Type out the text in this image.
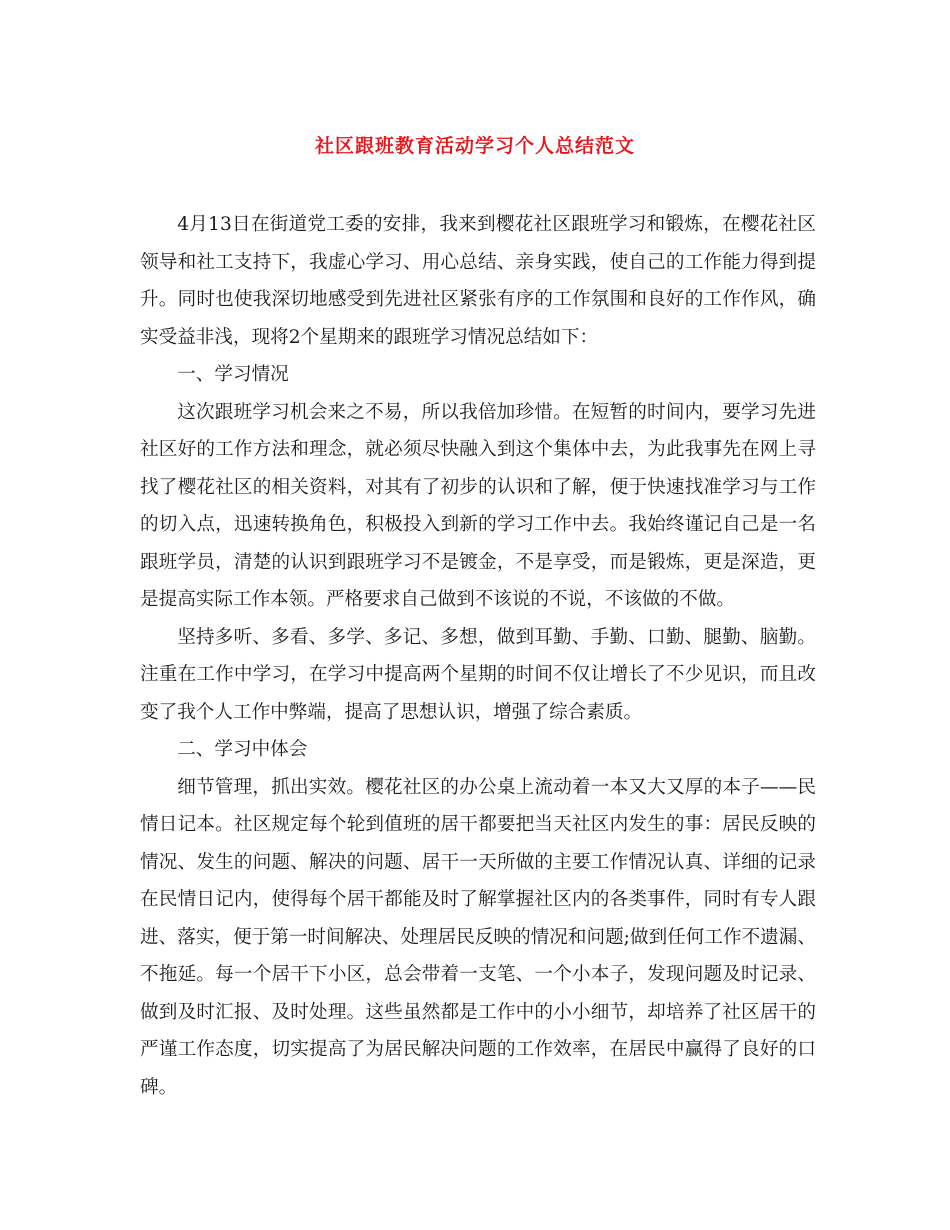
社区跟班教育活动学习个人总结范文

4月13日在街道党工委的安排，我来到樱花社区跟班学习和锻炼，在樱花社区领导和社工支持下，我虚心学习、用心总结、亲身实践，使自己的工作能力得到提升。同时也使我深切地感受到先进社区紧张有序的工作氛围和良好的工作作风，确实受益非浅，现将2个星期来的跟班学习情况总结如下：

一、学习情况

这次跟班学习机会来之不易，所以我倍加珍惜。在短暂的时间内，要学习先进社区好的工作方法和理念，就必须尽快融入到这个集体中去，为此我事先在网上寻找了樱花社区的相关资料，对其有了初步的认识和了解，便于快速找准学习与工作的切入点，迅速转换角色，积极投入到新的学习工作中去。我始终谨记自己是一名跟班学员，清楚的认识到跟班学习不是镀金，不是享受，而是锻炼，更是深造，更是提高实际工作本领。严格要求自己做到不该说的不说，不该做的不做。

坚持多听、多看、多学、多记、多想，做到耳勤、手勤、口勤、腿勤、脑勤。注重在工作中学习，在学习中提高两个星期的时间不仅让增长了不少见识，而且改变了我个人工作中弊端，提高了思想认识，增强了综合素质。

二、学习中体会

细节管理，抓出实效。樱花社区的办公桌上流动着一本又大又厚的本子——民情日记本。社区规定每个轮到值班的居干都要把当天社区内发生的事：居民反映的情况、发生的问题、解决的问题、居干一天所做的主要工作情况认真、详细的记录在民情日记内，使得每个居干都能及时了解掌握社区内的各类事件，同时有专人跟进、落实，便于第一时间解决、处理居民反映的情况和问题;做到任何工作不遗漏、不拖延。每一个居干下小区，总会带着一支笔、一个小本子，发现问题及时记录、做到及时汇报、及时处理。这些虽然都是工作中的小小细节，却培养了社区居干的严谨工作态度，切实提高了为居民解决问题的工作效率，在居民中赢得了良好的口碑。
